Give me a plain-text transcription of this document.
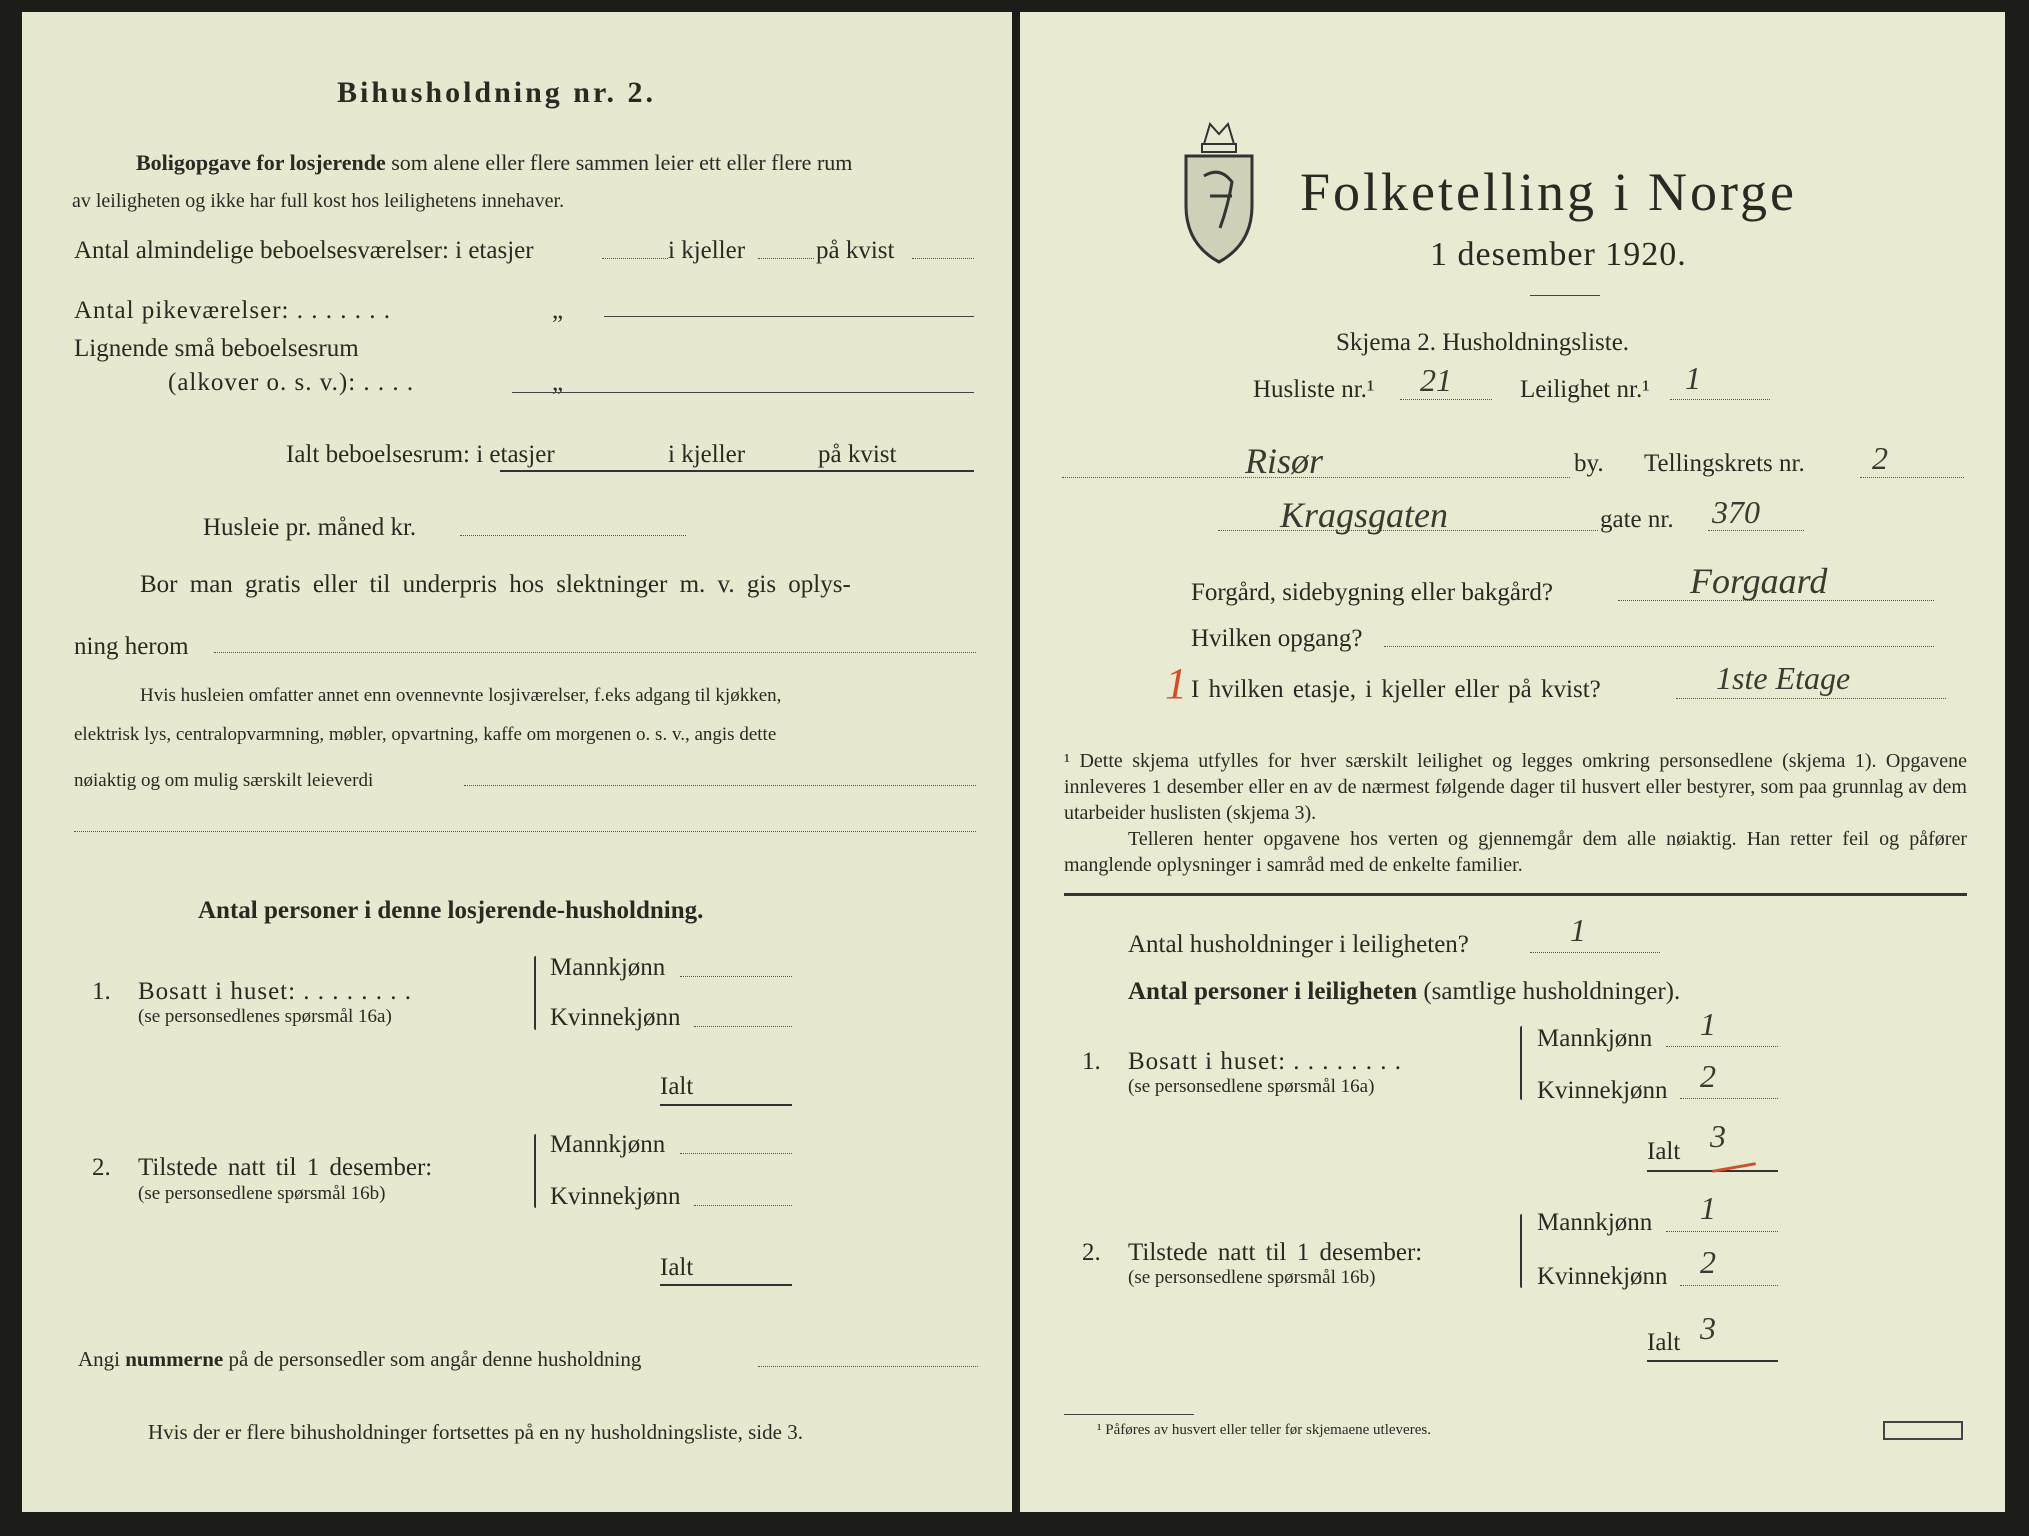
Bihusholdning nr. 2.
Boligopgave for losjerende som alene eller flere sammen leier ett eller flere rum
av leiligheten og ikke har full kost hos leilighetens innehaver.
Antal almindelige beboelsesværelser: i etasjer	i kjeller	på kvist
Antal pikeværelser: . . . . . . .	„
Lignende små beboelsesrum
(alkover o. s. v.): . . . .	„
Ialt beboelsesrum: i etasjer	i kjeller	på kvist
Husleie pr. måned kr.
Bor man gratis eller til underpris hos slektninger m. v. gis oplys-
ning herom
Hvis husleien omfatter annet enn ovennevnte losjiværelser, f.eks adgang til kjøkken,
elektrisk lys, centralopvarmning, møbler, opvartning, kaffe om morgenen o. s. v., angis dette
nøiaktig og om mulig særskilt leieverdi
Antal personer i denne losjerende-husholdning.
1. Bosatt i huset: . . . . . . . .
(se personsedlenes spørsmål 16a)
Mannkjønn
Kvinnekjønn
Ialt
2. Tilstede natt til 1 desember:
(se personsedlene spørsmål 16b)
Mannkjønn
Kvinnekjønn
Ialt
Angi nummerne på de personsedler som angår denne husholdning
Hvis der er flere bihusholdninger fortsettes på en ny husholdningsliste, side 3.
Folketelling i Norge
1 desember 1920.
Skjema 2. Husholdningsliste.
Husliste nr.¹ 21	Leilighet nr.¹ 1
Risør	by. Tellingskrets nr. 2
Kragsgaten	gate nr. 370
Forgård, sidebygning eller bakgård?	Forgaard
Hvilken opgang?
1 I hvilken etasje, i kjeller eller på kvist?	1ste Etage
¹ Dette skjema utfylles for hver særskilt leilighet og legges omkring personsedlene (skjema 1). Opgavene innleveres 1 desember eller en av de nærmest følgende dager til husvert eller bestyrer, som paa grunnlag av dem utarbeider huslisten (skjema 3).
Telleren henter opgavene hos verten og gjennemgår dem alle nøiaktig. Han retter feil og påfører manglende oplysninger i samråd med de enkelte familier.
Antal husholdninger i leiligheten?	1
Antal personer i leiligheten (samtlige husholdninger).
1. Bosatt i huset: . . . . . . . .
(se personsedlene spørsmål 16a)
Mannkjønn 1
Kvinnekjønn 2
Ialt 3
2. Tilstede natt til 1 desember:
(se personsedlene spørsmål 16b)
Mannkjønn 1
Kvinnekjønn 2
Ialt 3
¹ Påføres av husvert eller teller før skjemaene utleveres.
